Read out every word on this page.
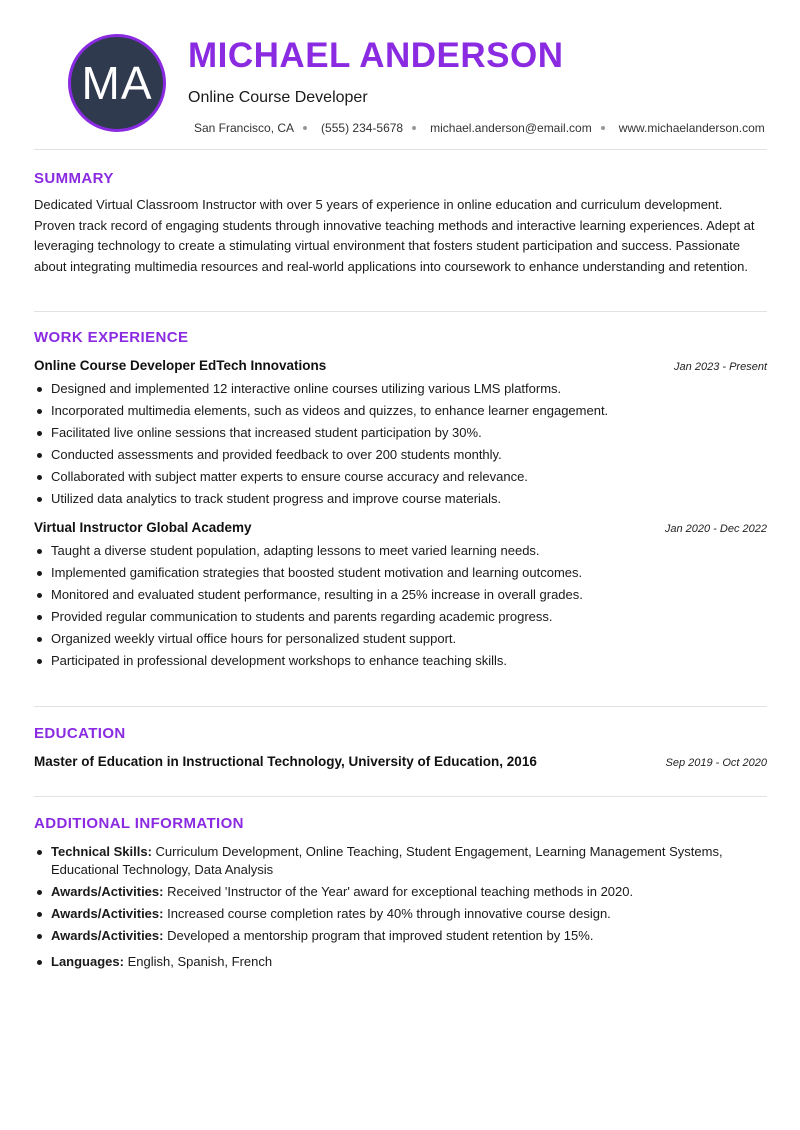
MA
MICHAEL ANDERSON
Online Course Developer
San Francisco, CA (555) 234-5678 michael.anderson@email.com www.michaelanderson.com
SUMMARY

Dedicated Virtual Classroom Instructor with over 5 years of experience in online education and curriculum development. Proven track record of engaging students through innovative teaching methods and interactive learning experiences. Adept at leveraging technology to create a stimulating virtual environment that fosters student participation and success. Passionate about integrating multimedia resources and real-world applications into coursework to enhance understanding and retention.

WORK EXPERIENCE
Online Course Developer EdTech Innovations	Jan 2023 - Present
Designed and implemented 12 interactive online courses utilizing various LMS platforms.
Incorporated multimedia elements, such as videos and quizzes, to enhance learner engagement.
Facilitated live online sessions that increased student participation by 30%.
Conducted assessments and provided feedback to over 200 students monthly.
Collaborated with subject matter experts to ensure course accuracy and relevance.
Utilized data analytics to track student progress and improve course materials.
Virtual Instructor Global Academy	Jan 2020 - Dec 2022
Taught a diverse student population, adapting lessons to meet varied learning needs.
Implemented gamification strategies that boosted student motivation and learning outcomes.
Monitored and evaluated student performance, resulting in a 25% increase in overall grades.
Provided regular communication to students and parents regarding academic progress.
Organized weekly virtual office hours for personalized student support.
Participated in professional development workshops to enhance teaching skills.
EDUCATION
Master of Education in Instructional Technology, University of Education, 2016	Sep 2019 - Oct 2020
ADDITIONAL INFORMATION
Technical Skills: Curriculum Development, Online Teaching, Student Engagement, Learning Management Systems, Educational Technology, Data Analysis
Awards/Activities: Received 'Instructor of the Year' award for exceptional teaching methods in 2020.
Awards/Activities: Increased course completion rates by 40% through innovative course design.
Awards/Activities: Developed a mentorship program that improved student retention by 15%.
Languages: English, Spanish, French
